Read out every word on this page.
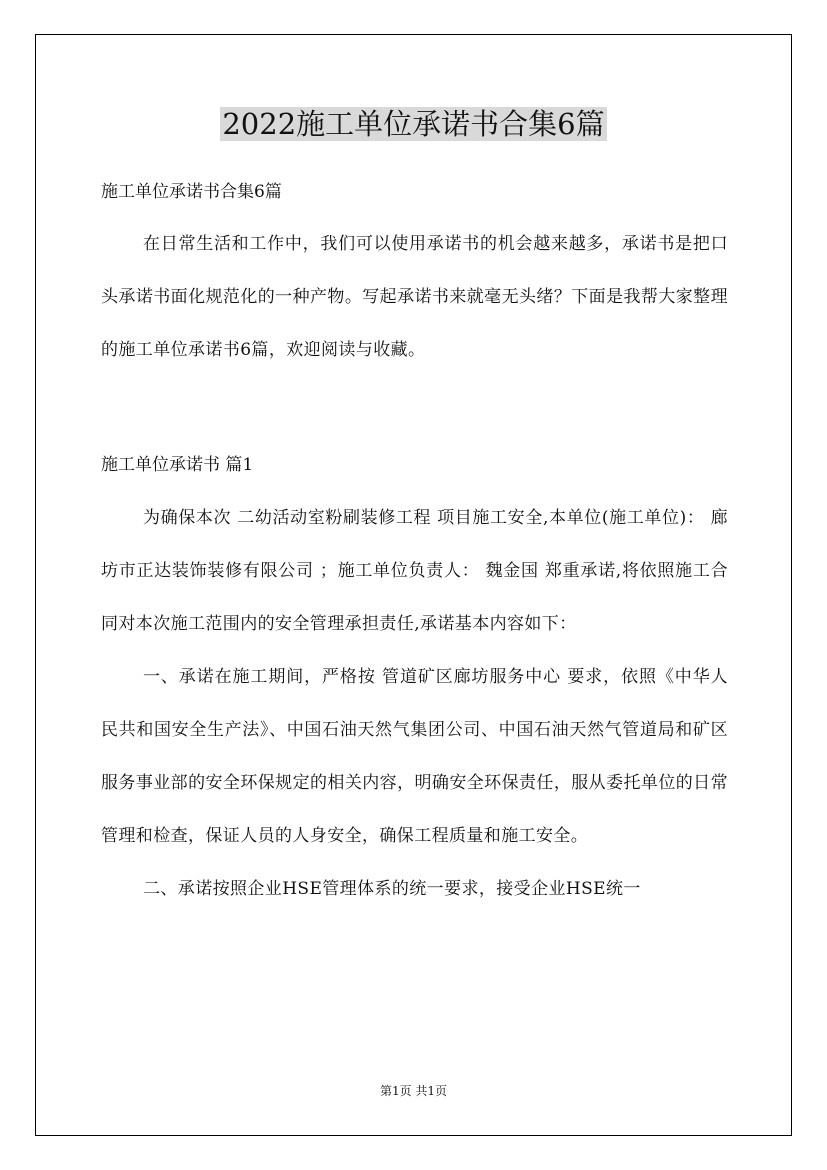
2022施工单位承诺书合集6篇
施工单位承诺书合集6篇

在日常生活和工作中，我们可以使用承诺书的机会越来越多，承诺书是把口头承诺书面化规范化的一种产物。写起承诺书来就毫无头绪？下面是我帮大家整理的施工单位承诺书6篇，欢迎阅读与收藏。

施工单位承诺书 篇1

为确保本次 二幼活动室粉刷装修工程 项目施工安全,本单位(施工单位)： 廊坊市正达装饰装修有限公司 ；施工单位负责人： 魏金国 郑重承诺,将依照施工合同对本次施工范围内的安全管理承担责任,承诺基本内容如下：

一、承诺在施工期间，严格按 管道矿区廊坊服务中心 要求，依照《中华人民共和国安全生产法》、中国石油天然气集团公司、中国石油天然气管道局和矿区服务事业部的安全环保规定的相关内容，明确安全环保责任，服从委托单位的日常管理和检查，保证人员的人身安全，确保工程质量和施工安全。

二、承诺按照企业HSE管理体系的统一要求，接受企业HSE统一

第1页 共1页
